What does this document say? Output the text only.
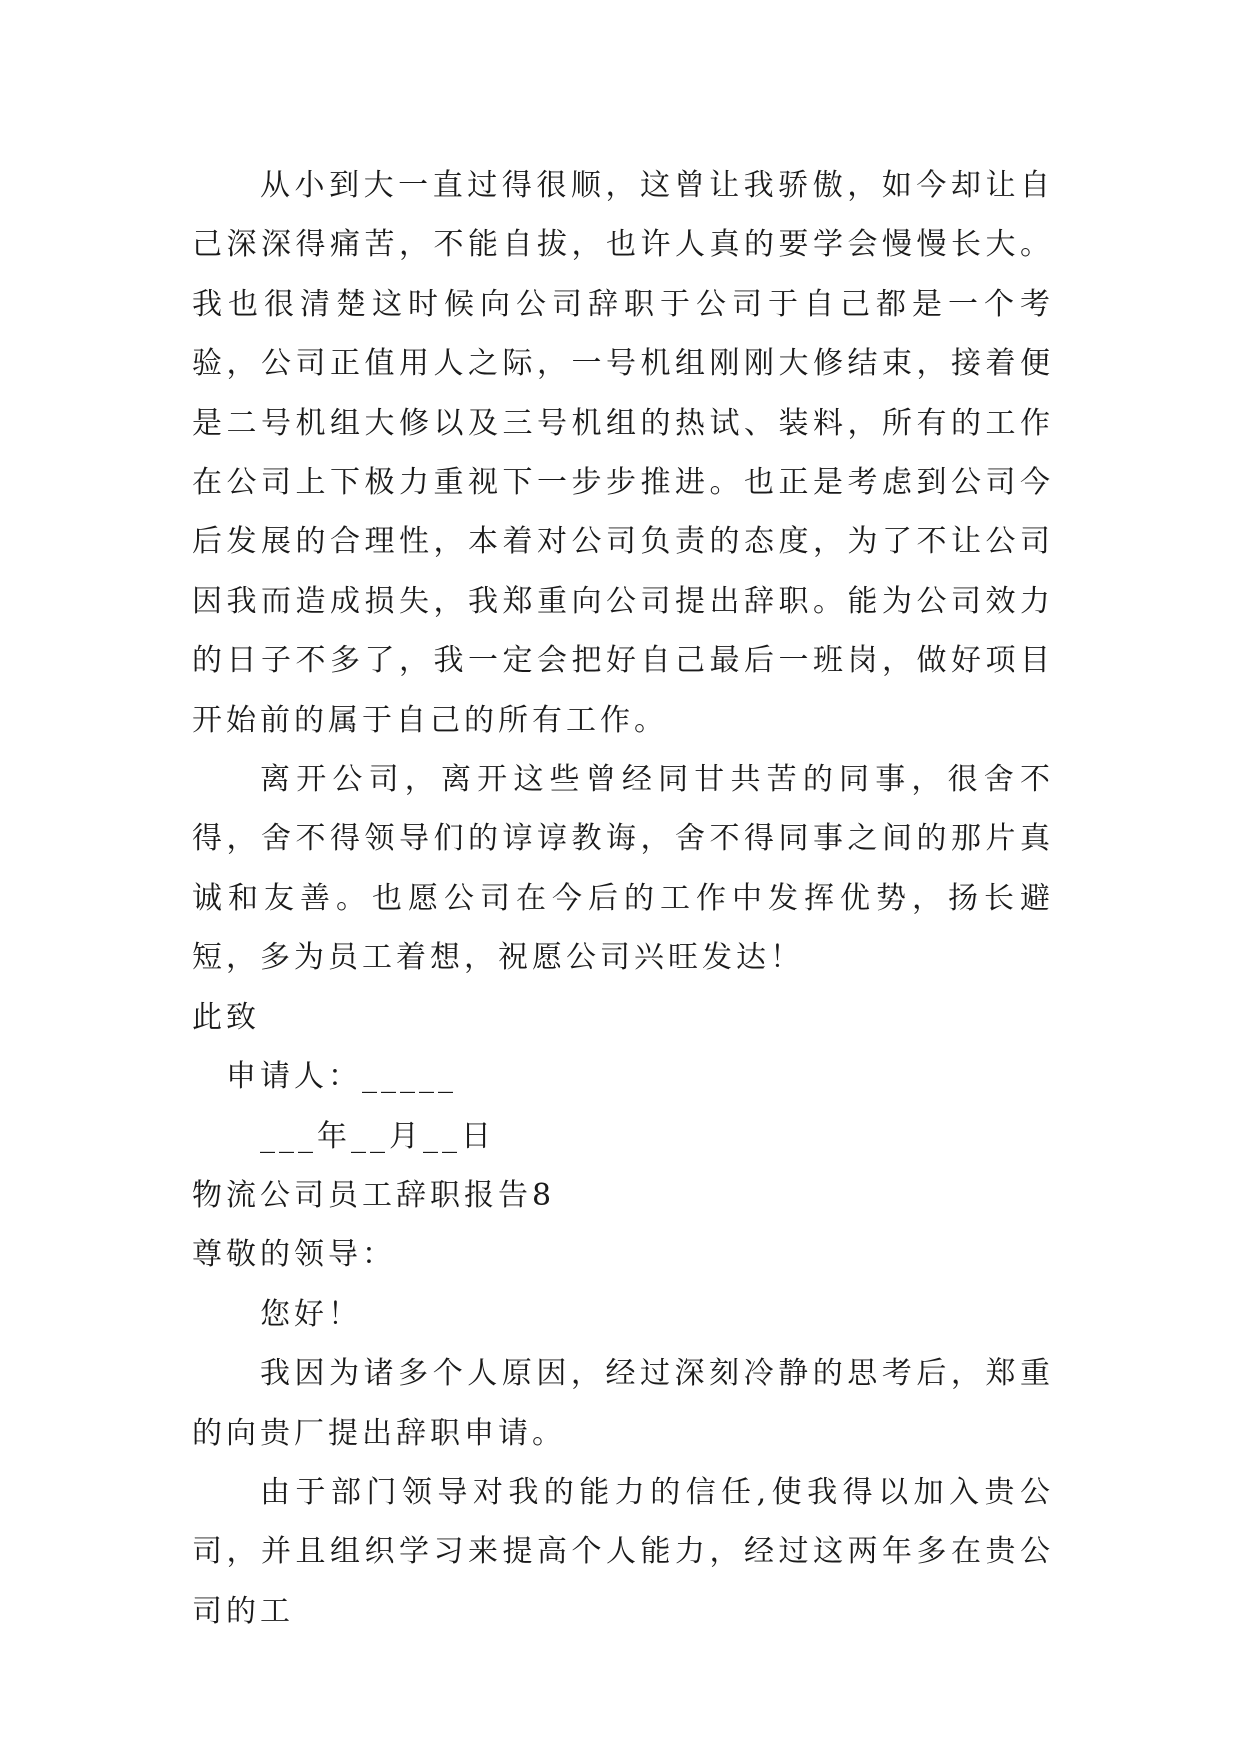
从小到大一直过得很顺，这曾让我骄傲，如今却让自己深深得痛苦，不能自拔，也许人真的要学会慢慢长大。我也很清楚这时候向公司辞职于公司于自己都是一个考验，公司正值用人之际，一号机组刚刚大修结束，接着便是二号机组大修以及三号机组的热试、装料，所有的工作在公司上下极力重视下一步步推进。也正是考虑到公司今后发展的合理性，本着对公司负责的态度，为了不让公司因我而造成损失，我郑重向公司提出辞职。能为公司效力的日子不多了，我一定会把好自己最后一班岗，做好项目开始前的属于自己的所有工作。

离开公司，离开这些曾经同甘共苦的同事，很舍不得，舍不得领导们的谆谆教诲，舍不得同事之间的那片真诚和友善。也愿公司在今后的工作中发挥优势，扬长避短，多为员工着想，祝愿公司兴旺发达！

此致

申请人：_____

___年__月__日

物流公司员工辞职报告8

尊敬的领导：

您好！

我因为诸多个人原因，经过深刻冷静的思考后，郑重的向贵厂提出辞职申请。

由于部门领导对我的能力的信任,使我得以加入贵公司，并且组织学习来提高个人能力，经过这两年多在贵公司的工
